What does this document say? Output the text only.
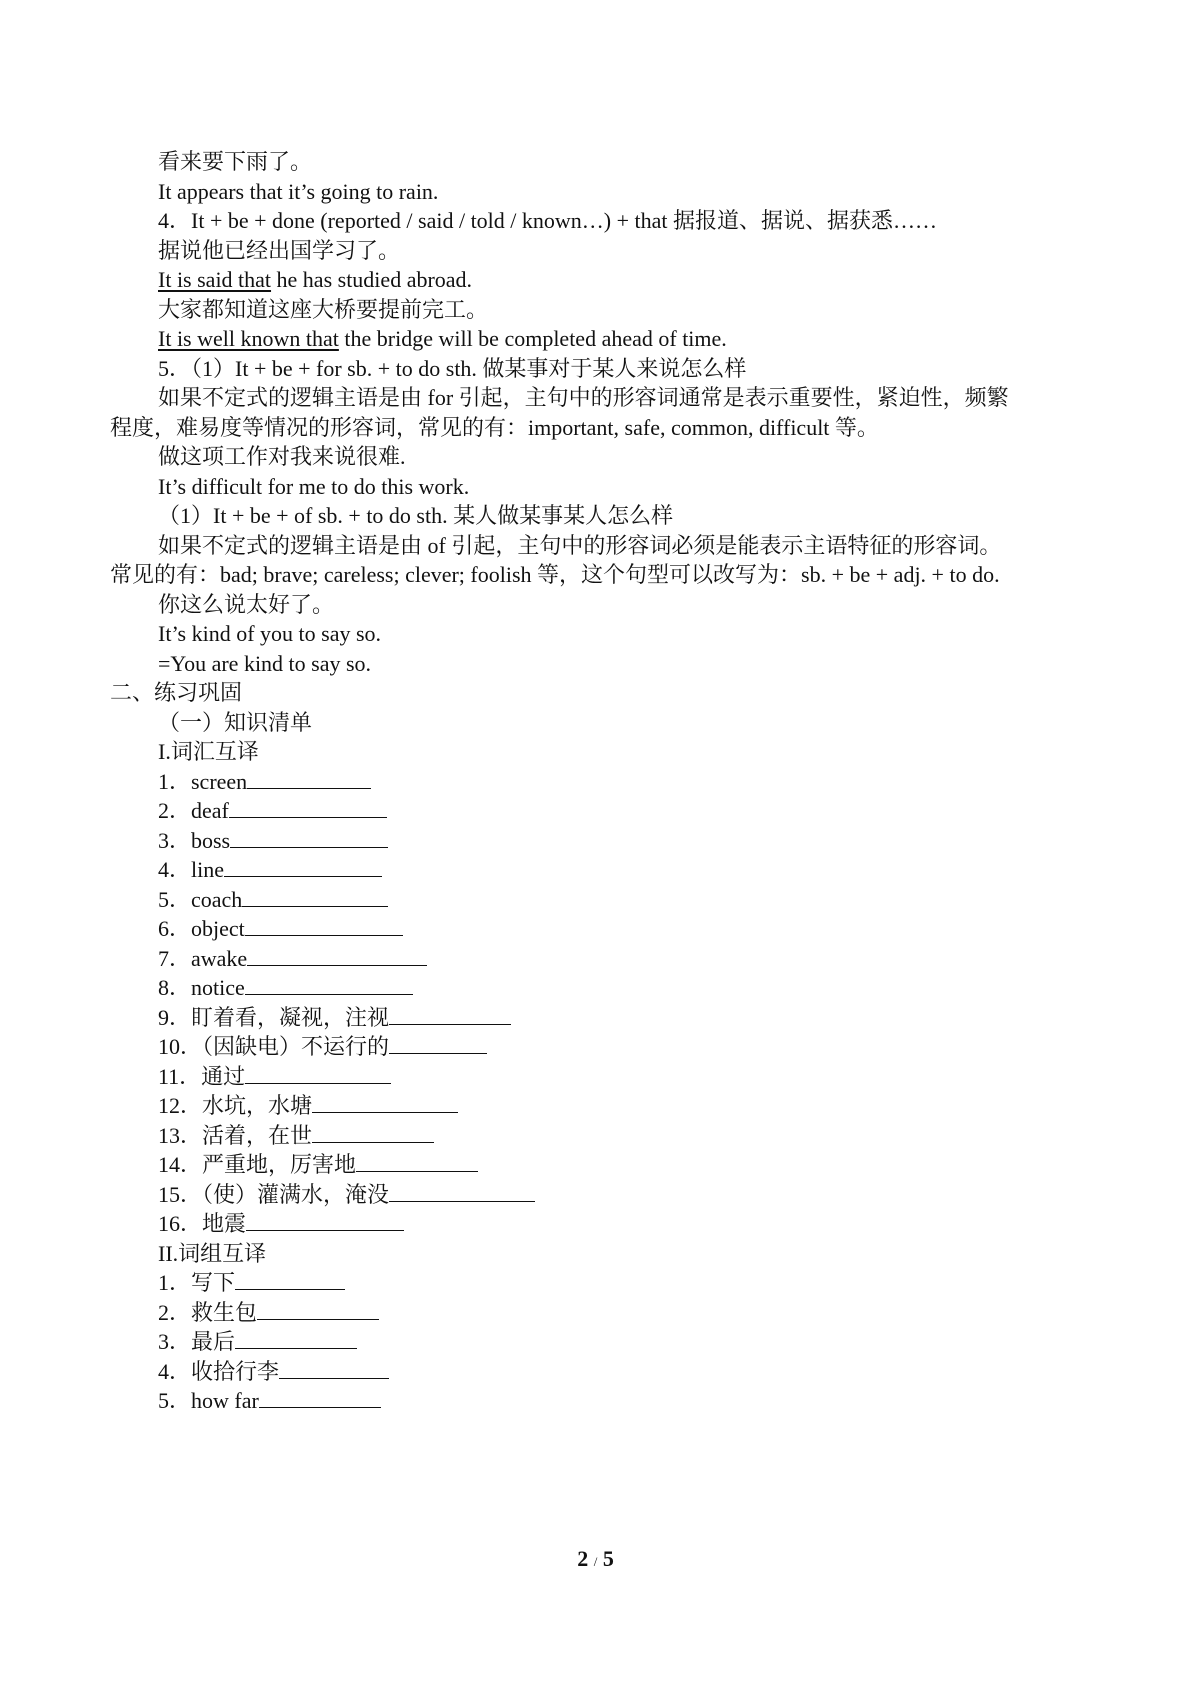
看来要下雨了。
It appears that it’s going to rain.
4．It + be + done (reported / said / told / known…) + that 据报道、据说、据获悉……
据说他已经出国学习了。
It is said that he has studied abroad.
大家都知道这座大桥要提前完工。
It is well known that the bridge will be completed ahead of time.
5．（1）It + be + for sb. + to do sth. 做某事对于某人来说怎么样
如果不定式的逻辑主语是由 for 引起，主句中的形容词通常是表示重要性，紧迫性，频繁
程度，难易度等情况的形容词，常见的有：important, safe, common, difficult 等。
做这项工作对我来说很难.
It’s difficult for me to do this work.
（1）It + be + of sb. + to do sth. 某人做某事某人怎么样
如果不定式的逻辑主语是由 of 引起，主句中的形容词必须是能表示主语特征的形容词。
常见的有：bad; brave; careless; clever; foolish 等，这个句型可以改写为：sb. + be + adj. + to do.
你这么说太好了。
It’s kind of you to say so.
=You are kind to say so.
二、练习巩固
（一）知识清单
I.词汇互译
1．screen
2．deaf
3．boss
4．line
5．coach
6．object
7．awake
8．notice
9．盯着看，凝视，注视
10．（因缺电）不运行的
11．通过
12．水坑，水塘
13．活着，在世
14．严重地，厉害地
15．（使）灌满水，淹没
16．地震
II.词组互译
1．写下
2．救生包
3．最后
4．收拾行李
5．how far
2 / 5
